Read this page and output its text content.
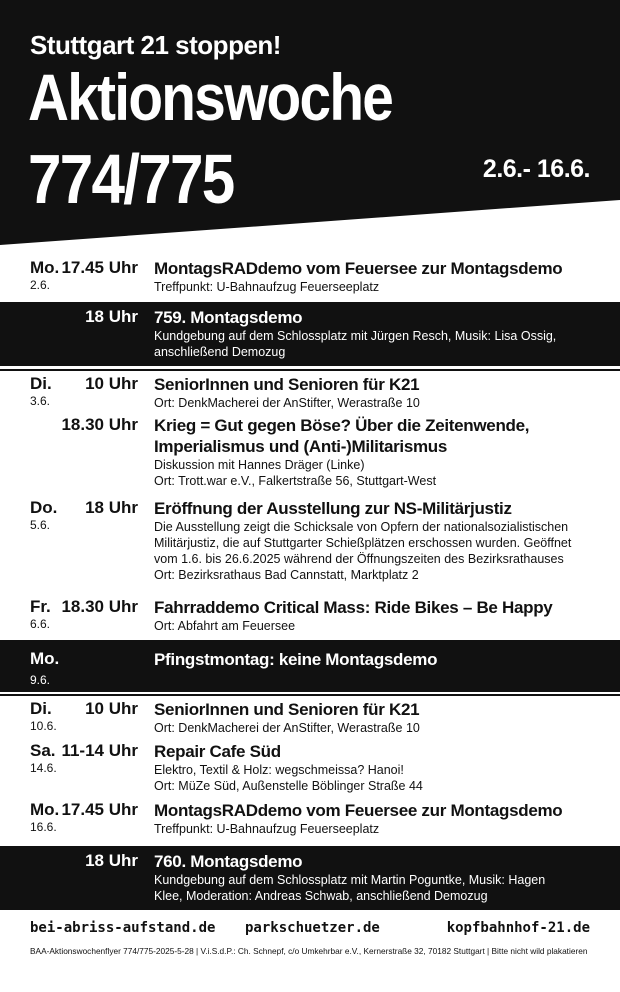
Stuttgart 21 stoppen!
Aktionswoche
774/775	2.6.- 16.6.
Mo. 17.45 Uhr
2.6.
MontagsRADdemo vom Feuersee zur Montagsdemo
Treffpunkt: U-Bahnaufzug Feuerseeplatz
18 Uhr 759. Montagsdemo
Kundgebung auf dem Schlossplatz mit Jürgen Resch, Musik: Lisa Ossig,
anschließend Demozug
Di.	10 Uhr
3.6.
SeniorInnen und Senioren für K21
Ort: DenkMacherei der AnStifter, Werastraße 10
18.30 Uhr Krieg = Gut gegen Böse? Über die Zeitenwende,
Imperialismus und (Anti-)Militarismus
Diskussion mit Hannes Dräger (Linke)
Ort: Trott.war e.V., Falkertstraße 56, Stuttgart-West
Do.	18 Uhr
5.6.
Eröffnung der Ausstellung zur NS-Militärjustiz
Die Ausstellung zeigt die Schicksale von Opfern der nationalsozialistischen
Militärjustiz, die auf Stuttgarter Schießplätzen erschossen wurden. Geöffnet
vom 1.6. bis 26.6.2025 während der Öffnungszeiten des Bezirksrathauses
Ort: Bezirksrathaus Bad Cannstatt, Marktplatz 2
Fr. 18.30 Uhr
6.6.
Fahrraddemo Critical Mass: Ride Bikes – Be Happy
Ort: Abfahrt am Feuersee
Mo.
9.6.
Pfingstmontag: keine Montagsdemo
Di.	10 Uhr
10.6.
SeniorInnen und Senioren für K21
Ort: DenkMacherei der AnStifter, Werastraße 10
Sa. 11-14 Uhr
14.6.
Repair Cafe Süd
Elektro, Textil & Holz: wegschmeissa? Hanoi!
Ort: MüZe Süd, Außenstelle Böblinger Straße 44
Mo. 17.45 Uhr
16.6.
MontagsRADdemo vom Feuersee zur Montagsdemo
Treffpunkt: U-Bahnaufzug Feuerseeplatz
18 Uhr 760. Montagsdemo
Kundgebung auf dem Schlossplatz mit Martin Poguntke, Musik: Hagen
Klee, Moderation: Andreas Schwab, anschließend Demozug
bei-abriss-aufstand.de parkschuetzer.de	kopfbahnhof-21.de
BAA-Aktionswochenflyer 774/775-2025-5-28 | V.i.S.d.P.: Ch. Schnepf, c/o Umkehrbar e.V., Kernerstraße 32, 70182 Stuttgart | Bitte nicht wild plakatieren
